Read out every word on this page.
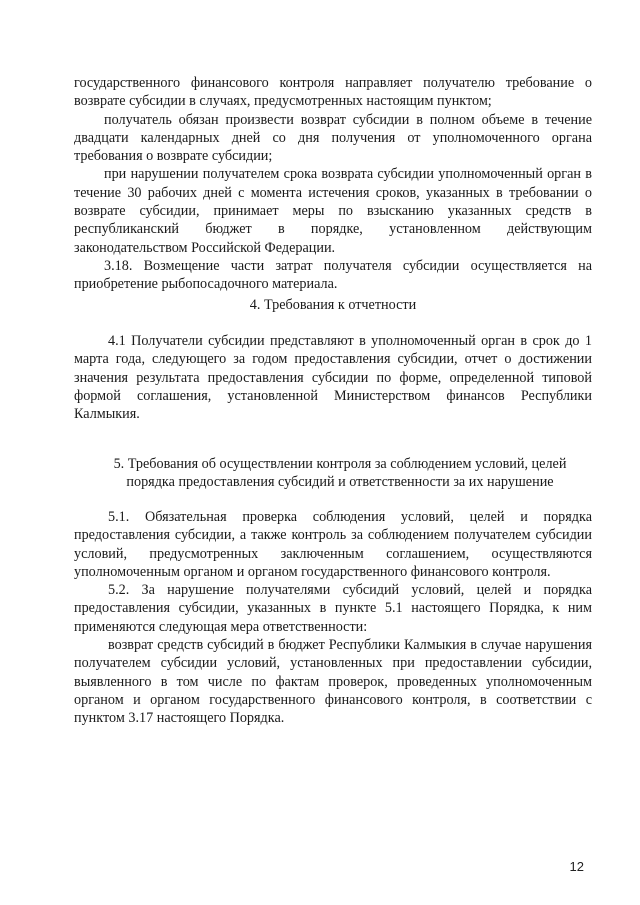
государственного финансового контроля направляет получателю требование о возврате субсидии в случаях, предусмотренных настоящим пунктом;

получатель обязан произвести возврат субсидии в полном объеме в течение двадцати календарных дней со дня получения от уполномоченного органа требования о возврате субсидии;

при нарушении получателем срока возврата субсидии уполномоченный орган в течение 30 рабочих дней с момента истечения сроков, указанных в требовании о возврате субсидии, принимает меры по взысканию указанных средств в республиканский бюджет в порядке, установленном действующим законодательством Российской Федерации.

3.18. Возмещение части затрат получателя субсидии осуществляется на приобретение рыбопосадочного материала.

4. Требования к отчетности

4.1 Получатели субсидии представляют в уполномоченный орган в срок до 1 марта года, следующего за годом предоставления субсидии, отчет о достижении значения результата предоставления субсидии по форме, определенной типовой формой соглашения, установленной Министерством финансов Республики Калмыкия.

5. Требования об осуществлении контроля за соблюдением условий, целей порядка предоставления субсидий и ответственности за их нарушение

5.1. Обязательная проверка соблюдения условий, целей и порядка предоставления субсидии, а также контроль за соблюдением получателем субсидии условий, предусмотренных заключенным соглашением, осуществляются уполномоченным органом и органом государственного финансового контроля.

5.2. За нарушение получателями субсидий условий, целей и порядка предоставления субсидии, указанных в пункте 5.1 настоящего Порядка, к ним применяются следующая мера ответственности:

возврат средств субсидий в бюджет Республики Калмыкия в случае нарушения получателем субсидии условий, установленных при предоставлении субсидии, выявленного в том числе по фактам проверок, проведенных уполномоченным органом и органом государственного финансового контроля, в соответствии с пунктом 3.17 настоящего Порядка.

12
